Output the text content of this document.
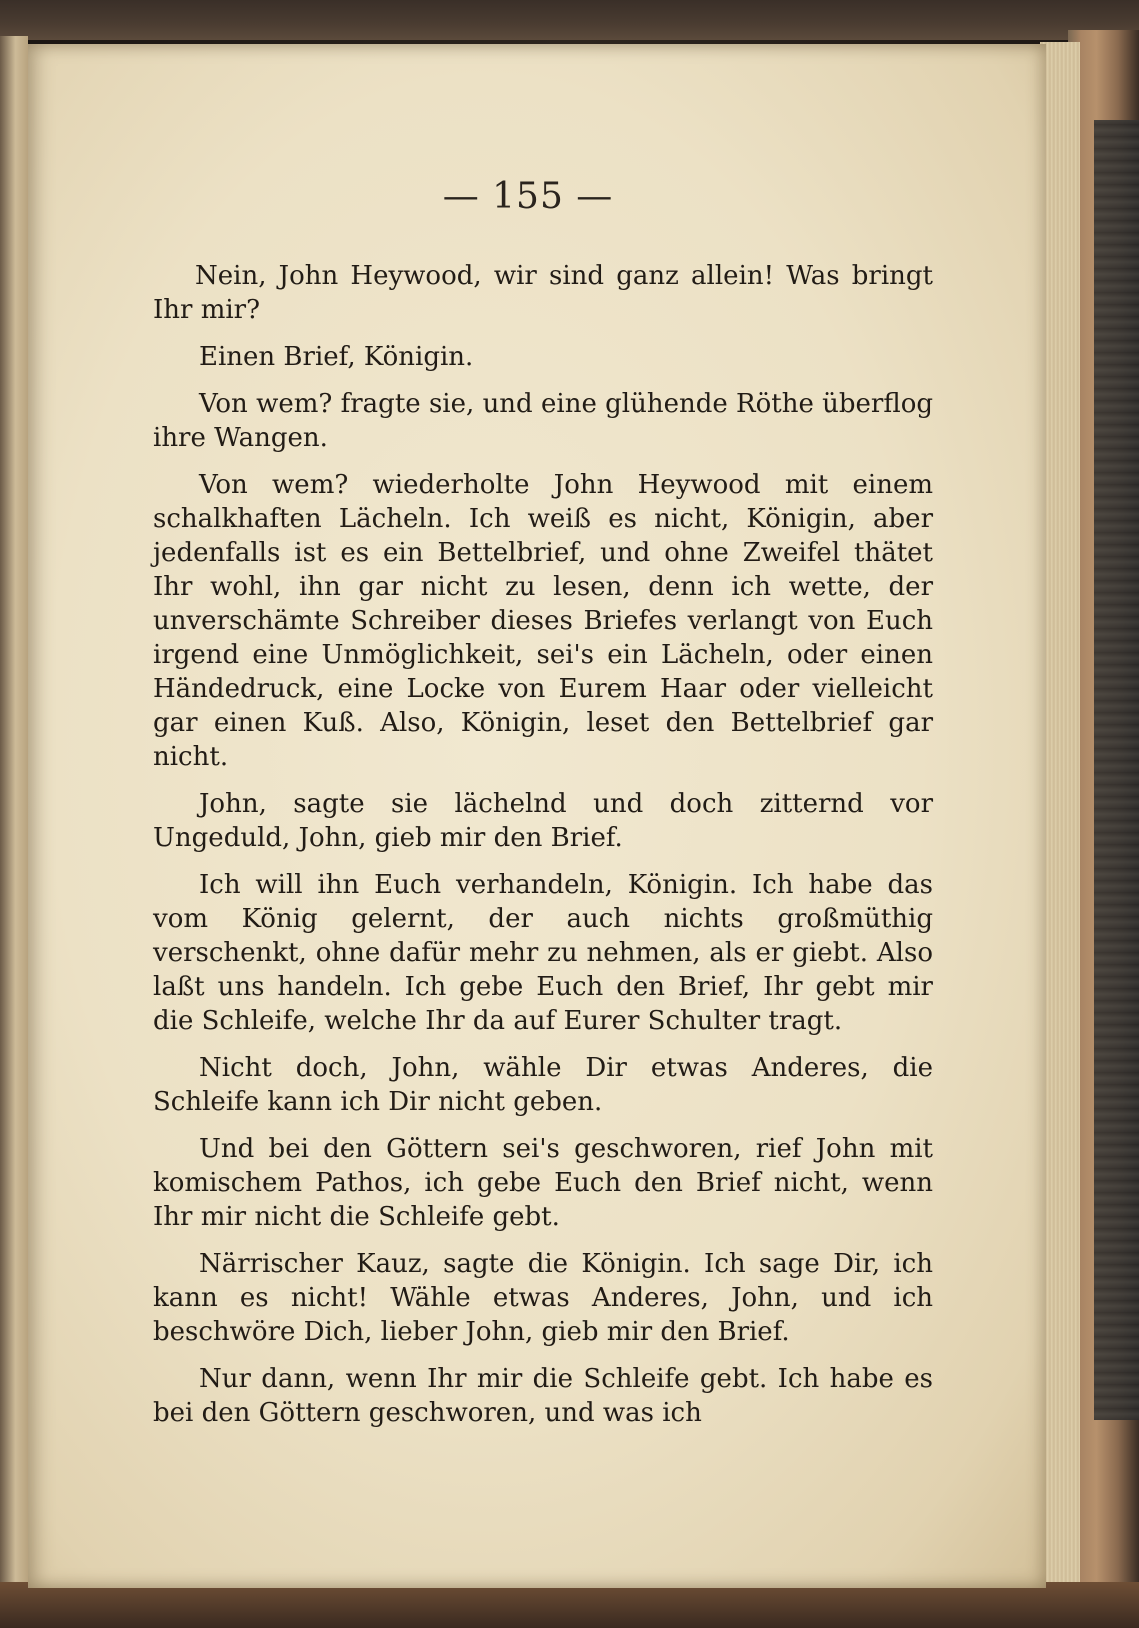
— 155 —

Nein, John Heywood, wir sind ganz allein! Was bringt Ihr mir?

Einen Brief, Königin.

Von wem? fragte sie, und eine glühende Röthe überflog ihre Wangen.

Von wem? wiederholte John Heywood mit einem schalkhaften Lächeln. Ich weiß es nicht, Königin, aber jedenfalls ist es ein Bettelbrief, und ohne Zweifel thätet Ihr wohl, ihn gar nicht zu lesen, denn ich wette, der unverschämte Schreiber dieses Briefes verlangt von Euch irgend eine Unmöglichkeit, sei's ein Lächeln, oder einen Händedruck, eine Locke von Eurem Haar oder vielleicht gar einen Kuß. Also, Königin, leset den Bettelbrief gar nicht.

John, sagte sie lächelnd und doch zitternd vor Ungeduld, John, gieb mir den Brief.

Ich will ihn Euch verhandeln, Königin. Ich habe das vom König gelernt, der auch nichts großmüthig verschenkt, ohne dafür mehr zu nehmen, als er giebt. Also laßt uns handeln. Ich gebe Euch den Brief, Ihr gebt mir die Schleife, welche Ihr da auf Eurer Schulter tragt.

Nicht doch, John, wähle Dir etwas Anderes, die Schleife kann ich Dir nicht geben.

Und bei den Göttern sei's geschworen, rief John mit komischem Pathos, ich gebe Euch den Brief nicht, wenn Ihr mir nicht die Schleife gebt.

Närrischer Kauz, sagte die Königin. Ich sage Dir, ich kann es nicht! Wähle etwas Anderes, John, und ich beschwöre Dich, lieber John, gieb mir den Brief.

Nur dann, wenn Ihr mir die Schleife gebt. Ich habe es bei den Göttern geschworen, und was ich
